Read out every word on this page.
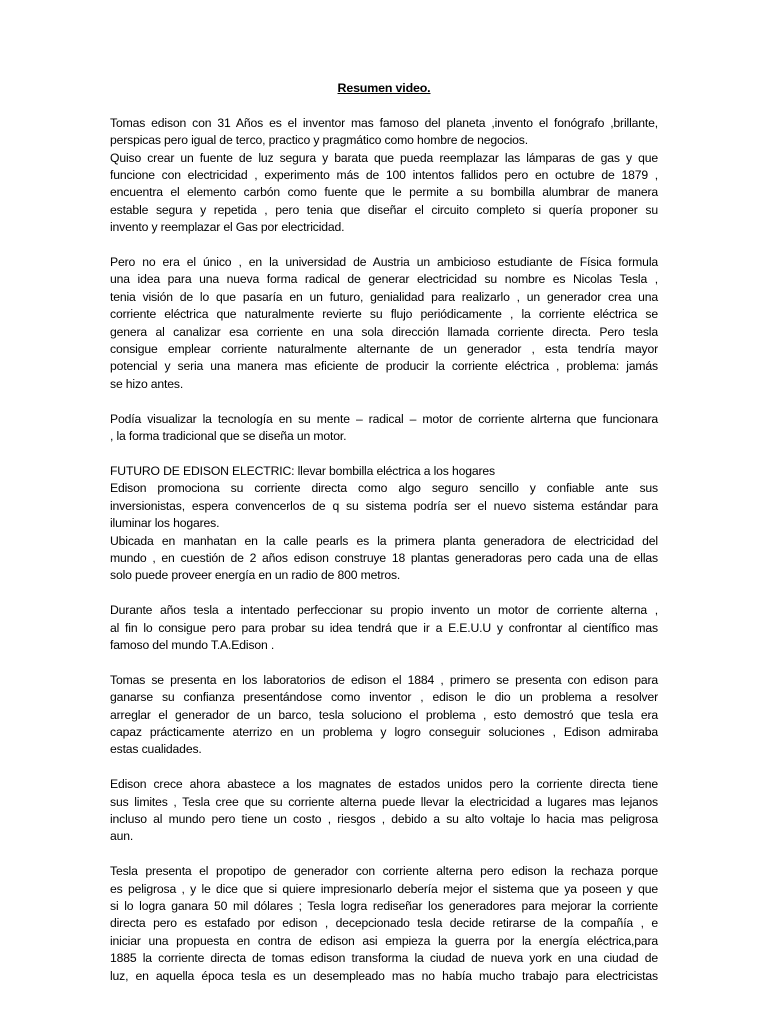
Resumen video.
Tomas edison con 31 Años es el inventor mas famoso del planeta ,invento el fonógrafo ,brillante,
perspicas pero igual de terco, practico y pragmático como hombre de negocios.
Quiso crear un fuente de luz segura y barata que pueda reemplazar las lámparas de gas y que
funcione con electricidad , experimento más de 100 intentos fallidos pero en octubre de 1879 ,
encuentra el elemento carbón como fuente que le permite a su bombilla alumbrar de manera
estable segura y repetida , pero tenia que diseñar el circuito completo si quería proponer su
invento y reemplazar el Gas por electricidad.
Pero no era el único , en la universidad de Austria un ambicioso estudiante de Física formula
una idea para una nueva forma radical de generar electricidad su nombre es Nicolas Tesla ,
tenia visión de lo que pasaría en un futuro, genialidad para realizarlo , un generador crea una
corriente eléctrica que naturalmente revierte su flujo periódicamente , la corriente eléctrica se
genera al canalizar esa corriente en una sola dirección llamada corriente directa. Pero tesla
consigue emplear corriente naturalmente alternante de un generador , esta tendría mayor
potencial y seria una manera mas eficiente de producir la corriente eléctrica , problema: jamás
se hizo antes.
Podía visualizar la tecnología en su mente – radical – motor de corriente alrterna que funcionara
, la forma tradicional que se diseña un motor.
FUTURO DE EDISON ELECTRIC: llevar bombilla eléctrica a los hogares
Edison promociona su corriente directa como algo seguro sencillo y confiable ante sus
inversionistas, espera convencerlos de q su sistema podría ser el nuevo sistema estándar para
iluminar los hogares.
Ubicada en manhatan en la calle pearls es la primera planta generadora de electricidad del
mundo , en cuestión de 2 años edison construye 18 plantas generadoras pero cada una de ellas
solo puede proveer energía en un radio de 800 metros.
Durante años tesla a intentado perfeccionar su propio invento un motor de corriente alterna ,
al fin lo consigue pero para probar su idea tendrá que ir a E.E.U.U y confrontar al científico mas
famoso del mundo T.A.Edison .
Tomas se presenta en los laboratorios de edison el 1884 , primero se presenta con edison para
ganarse su confianza presentándose como inventor , edison le dio un problema a resolver
arreglar el generador de un barco, tesla soluciono el problema , esto demostró que tesla era
capaz prácticamente aterrizo en un problema y logro conseguir soluciones , Edison admiraba
estas cualidades.
Edison crece ahora abastece a los magnates de estados unidos pero la corriente directa tiene
sus limites , Tesla cree que su corriente alterna puede llevar la electricidad a lugares mas lejanos
incluso al mundo pero tiene un costo , riesgos , debido a su alto voltaje lo hacia mas peligrosa
aun.
Tesla presenta el propotipo de generador con corriente alterna pero edison la rechaza porque
es peligrosa , y le dice que si quiere impresionarlo debería mejor el sistema que ya poseen y que
si lo logra ganara 50 mil dólares ; Tesla logra rediseñar los generadores para mejorar la corriente
directa pero es estafado por edison , decepcionado tesla decide retirarse de la compañía , e
iniciar una propuesta en contra de edison asi empieza la guerra por la energía eléctrica,para
1885 la corriente directa de tomas edison transforma la ciudad de nueva york en una ciudad de
luz, en aquella época tesla es un desempleado mas no había mucho trabajo para electricistas
